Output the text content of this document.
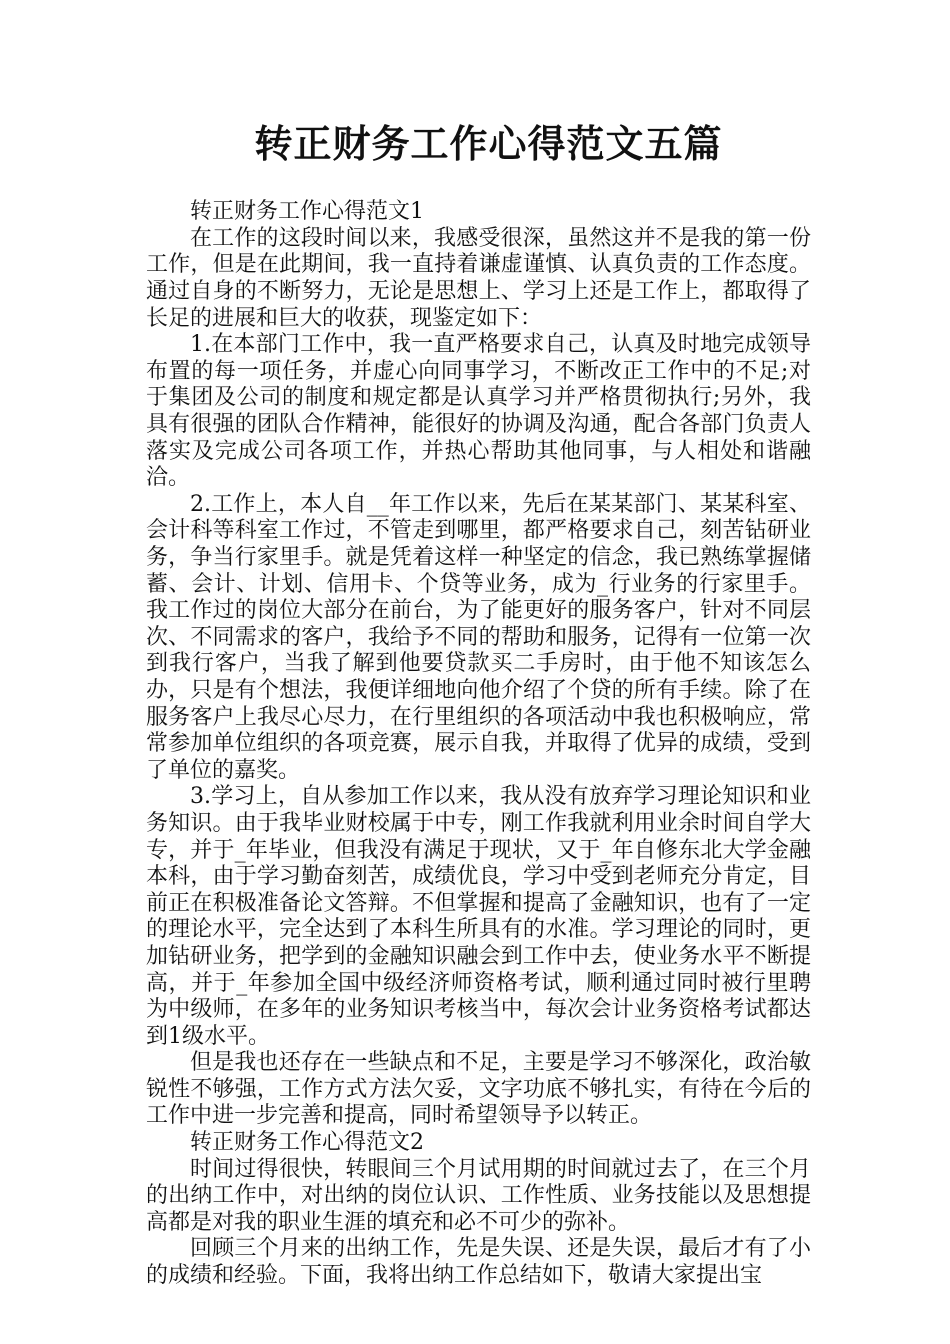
转正财务工作心得范文五篇

转正财务工作心得范文1

在工作的这段时间以来，我感受很深，虽然这并不是我的第一份工作，但是在此期间，我一直持着谦虚谨慎、认真负责的工作态度。通过自身的不断努力，无论是思想上、学习上还是工作上，都取得了长足的进展和巨大的收获，现鉴定如下：

1.在本部门工作中，我一直严格要求自己，认真及时地完成领导布置的每一项任务，并虚心向同事学习，不断改正工作中的不足;对于集团及公司的制度和规定都是认真学习并严格贯彻执行;另外，我具有很强的团队合作精神，能很好的协调及沟通，配合各部门负责人落实及完成公司各项工作，并热心帮助其他同事，与人相处和谐融洽。

2.工作上，本人自__年工作以来，先后在某某部门、某某科室、会计科等科室工作过，不管走到哪里，都严格要求自己，刻苦钻研业务，争当行家里手。就是凭着这样一种坚定的信念，我已熟练掌握储蓄、会计、计划、信用卡、个贷等业务，成为_行业务的行家里手。我工作过的岗位大部分在前台，为了能更好的服务客户，针对不同层次、不同需求的客户，我给予不同的帮助和服务，记得有一位第一次到我行客户，当我了解到他要贷款买二手房时，由于他不知该怎么办，只是有个想法，我便详细地向他介绍了个贷的所有手续。除了在服务客户上我尽心尽力，在行里组织的各项活动中我也积极响应，常常参加单位组织的各项竞赛，展示自我，并取得了优异的成绩，受到了单位的嘉奖。

3.学习上，自从参加工作以来，我从没有放弃学习理论知识和业务知识。由于我毕业财校属于中专，刚工作我就利用业余时间自学大专，并于_年毕业，但我没有满足于现状，又于_年自修东北大学金融本科，由于学习勤奋刻苦，成绩优良，学习中受到老师充分肯定，目前正在积极准备论文答辩。不但掌握和提高了金融知识，也有了一定的理论水平，完全达到了本科生所具有的水准。学习理论的同时，更加钻研业务，把学到的金融知识融会到工作中去，使业务水平不断提高，并于_年参加全国中级经济师资格考试，顺利通过同时被行里聘为中级师，在多年的业务知识考核当中，每次会计业务资格考试都达到1级水平。

但是我也还存在一些缺点和不足，主要是学习不够深化，政治敏锐性不够强，工作方式方法欠妥，文字功底不够扎实，有待在今后的工作中进一步完善和提高，同时希望领导予以转正。

转正财务工作心得范文2

时间过得很快，转眼间三个月试用期的时间就过去了，在三个月的出纳工作中，对出纳的岗位认识、工作性质、业务技能以及思想提高都是对我的职业生涯的填充和必不可少的弥补。

回顾三个月来的出纳工作，先是失误、还是失误，最后才有了小的成绩和经验。下面，我将出纳工作总结如下，敬请大家提出宝
